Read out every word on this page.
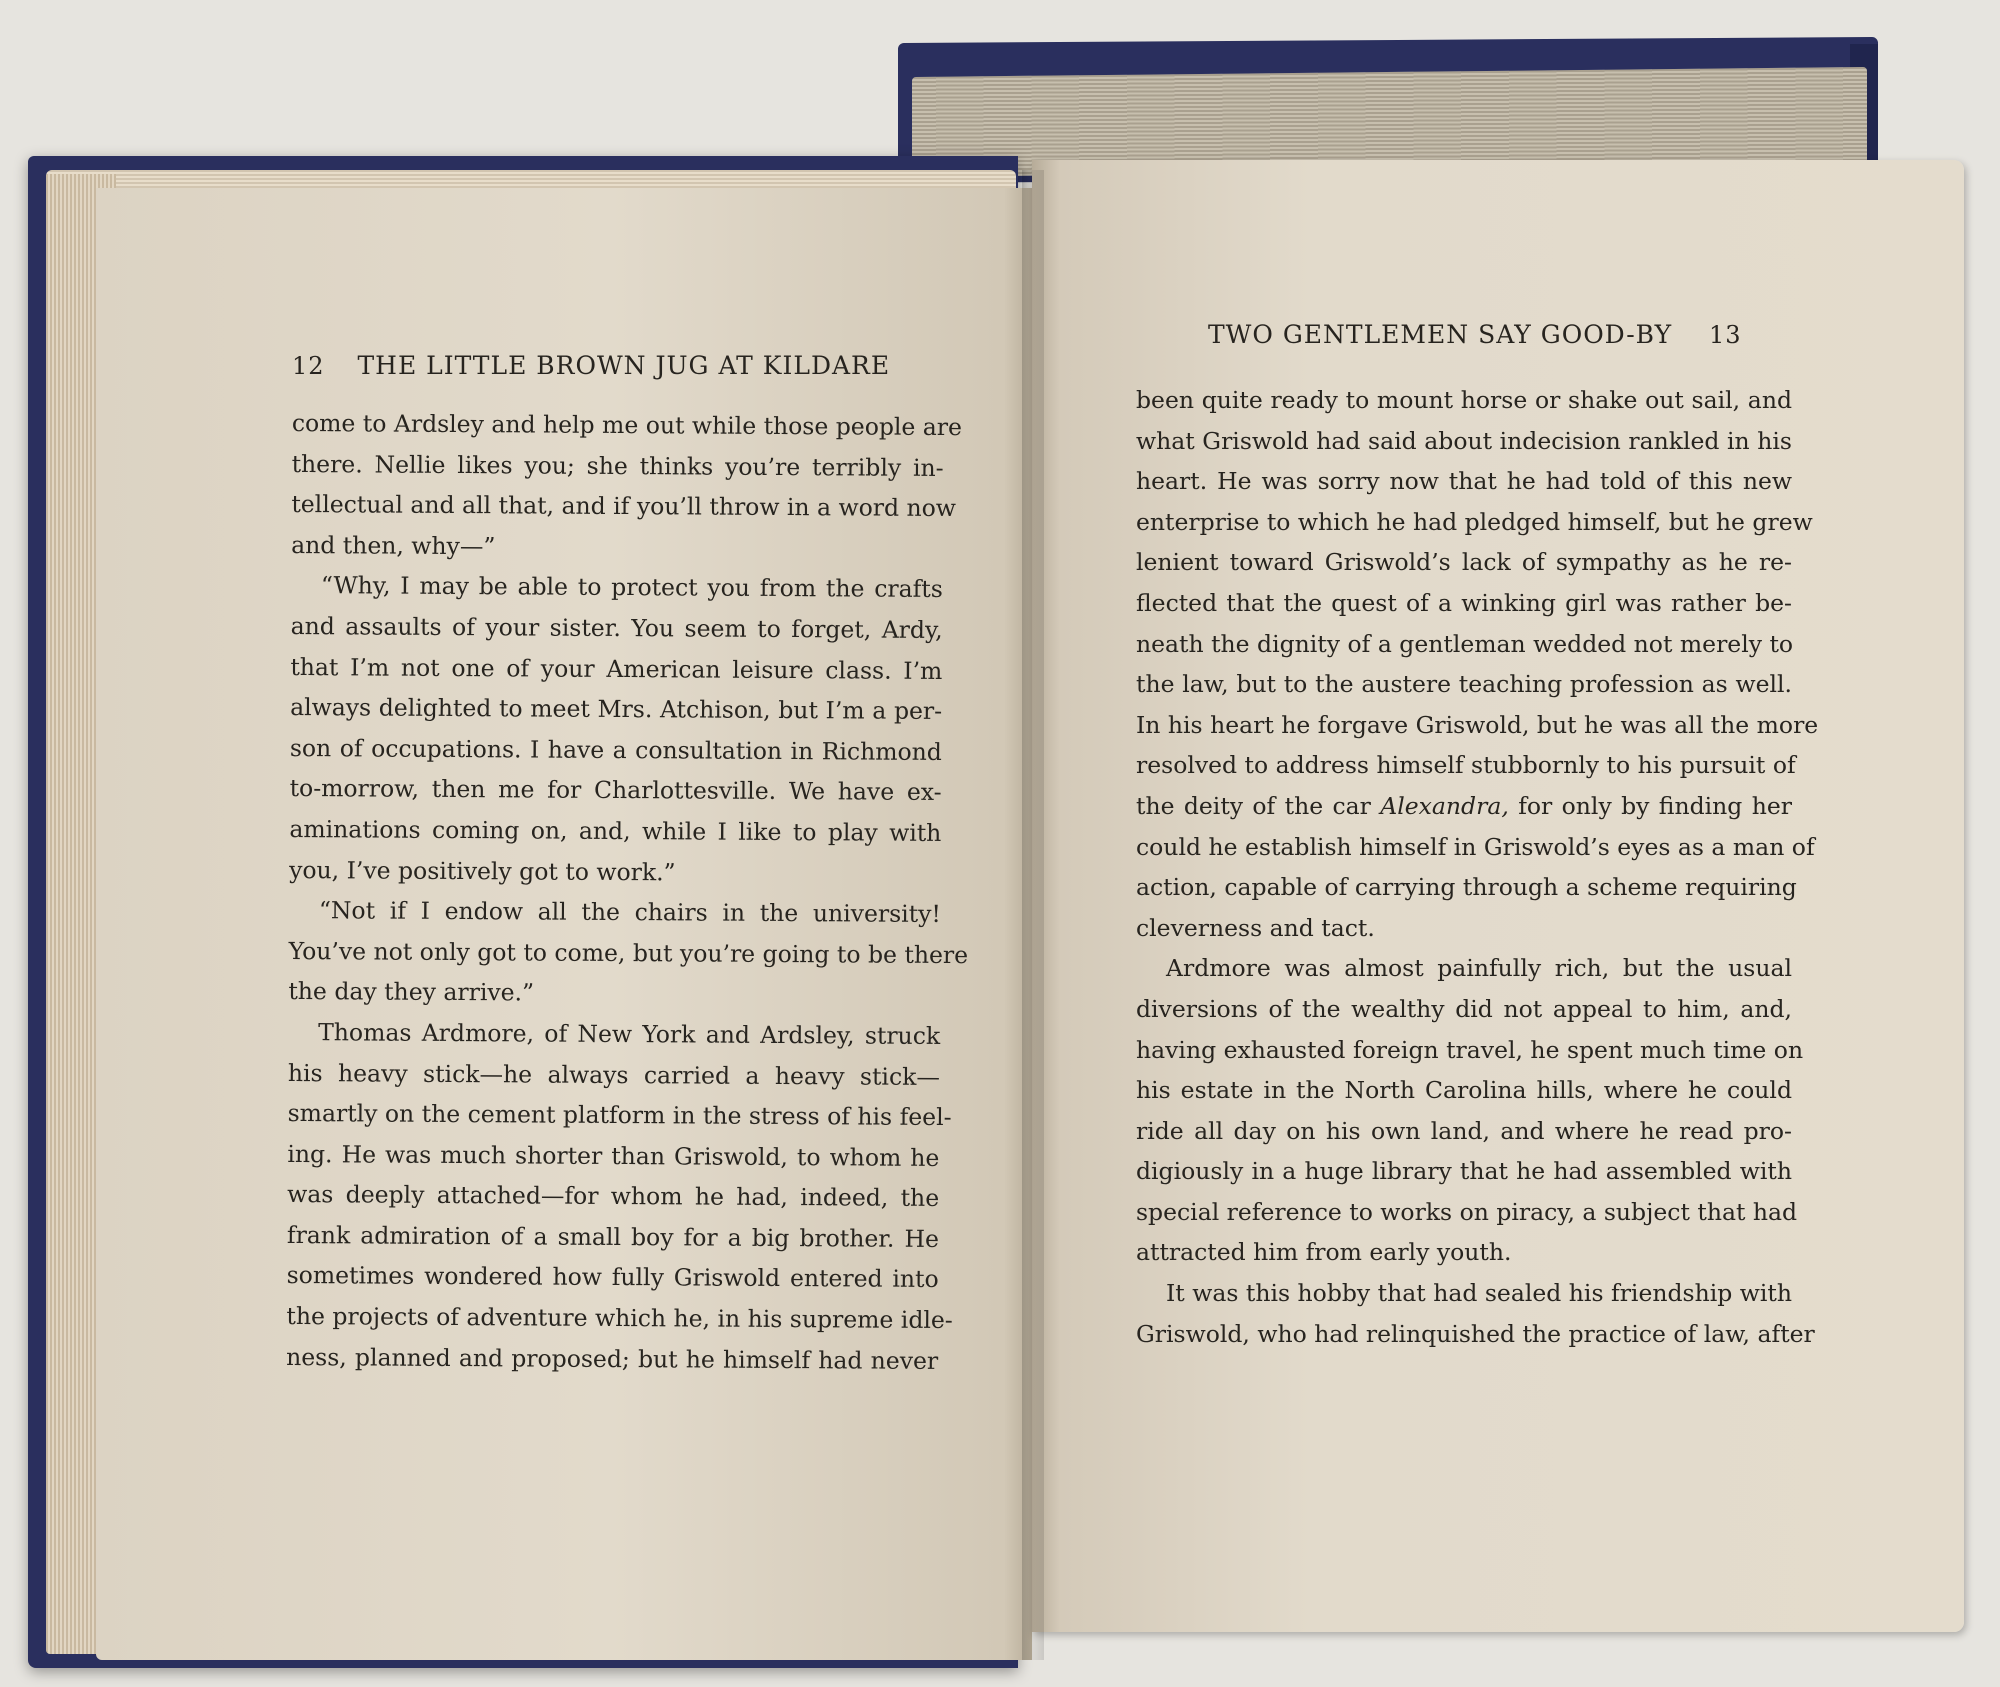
12 THE LITTLE BROWN JUG AT KILDARE
come to Ardsley and help me out while those people are
there. Nellie likes you; she thinks you’re terribly in-
tellectual and all that, and if you’ll throw in a word now
and then, why—”
“Why, I may be able to protect you from the crafts
and assaults of your sister. You seem to forget, Ardy,
that I’m not one of your American leisure class. I’m
always delighted to meet Mrs. Atchison, but I’m a per-
son of occupations. I have a consultation in Richmond
to-morrow, then me for Charlottesville. We have ex-
aminations coming on, and, while I like to play with
you, I’ve positively got to work.”
“Not if I endow all the chairs in the university!
You’ve not only got to come, but you’re going to be there
the day they arrive.”
Thomas Ardmore, of New York and Ardsley, struck
his heavy stick—he always carried a heavy stick—
smartly on the cement platform in the stress of his feel-
ing. He was much shorter than Griswold, to whom he
was deeply attached—for whom he had, indeed, the
frank admiration of a small boy for a big brother. He
sometimes wondered how fully Griswold entered into
the projects of adventure which he, in his supreme idle-
ness, planned and proposed; but he himself had never
TWO GENTLEMEN SAY GOOD-BY 13
been quite ready to mount horse or shake out sail, and
what Griswold had said about indecision rankled in his
heart. He was sorry now that he had told of this new
enterprise to which he had pledged himself, but he grew
lenient toward Griswold’s lack of sympathy as he re-
flected that the quest of a winking girl was rather be-
neath the dignity of a gentleman wedded not merely to
the law, but to the austere teaching profession as well.
In his heart he forgave Griswold, but he was all the more
resolved to address himself stubbornly to his pursuit of
the deity of the car Alexandra, for only by finding her
could he establish himself in Griswold’s eyes as a man of
action, capable of carrying through a scheme requiring
cleverness and tact.
Ardmore was almost painfully rich, but the usual
diversions of the wealthy did not appeal to him, and,
having exhausted foreign travel, he spent much time on
his estate in the North Carolina hills, where he could
ride all day on his own land, and where he read pro-
digiously in a huge library that he had assembled with
special reference to works on piracy, a subject that had
attracted him from early youth.
It was this hobby that had sealed his friendship with
Griswold, who had relinquished the practice of law, after
